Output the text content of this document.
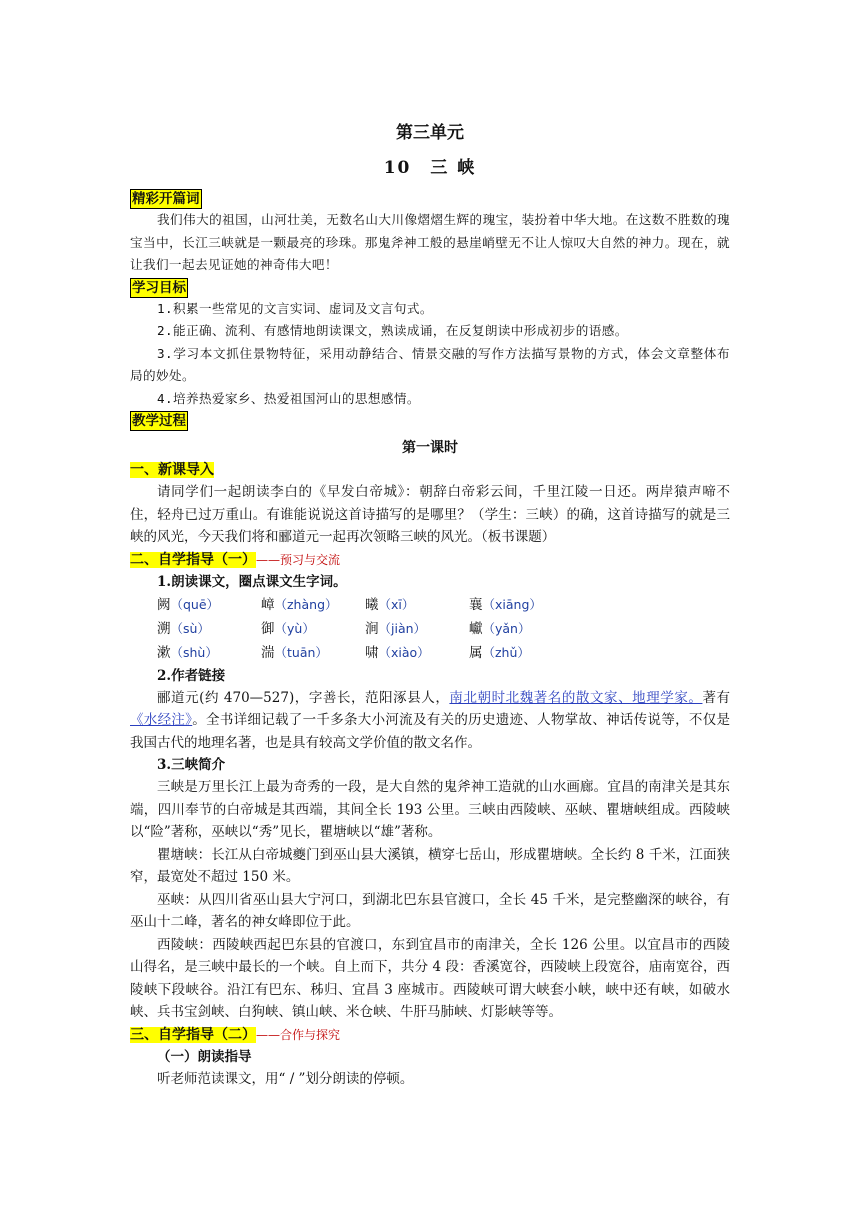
第三单元
10　三 峡
精彩开篇词

我们伟大的祖国，山河壮美，无数名山大川像熠熠生辉的瑰宝，装扮着中华大地。在这数不胜数的瑰宝当中，长江三峡就是一颗最亮的珍珠。那鬼斧神工般的悬崖峭壁无不让人惊叹大自然的神力。现在，就让我们一起去见证她的神奇伟大吧！

学习目标

1.积累一些常见的文言实词、虚词及文言句式。

2.能正确、流利、有感情地朗读课文，熟读成诵，在反复朗读中形成初步的语感。

3.学习本文抓住景物特征，采用动静结合、情景交融的写作方法描写景物的方式，体会文章整体布局的妙处。

4.培养热爱家乡、热爱祖国河山的思想感情。

教学过程
第一课时
一、新课导入

请同学们一起朗读李白的《早发白帝城》：朝辞白帝彩云间，千里江陵一日还。两岸猿声啼不住，轻舟已过万重山。有谁能说说这首诗描写的是哪里？（学生：三峡）的确，这首诗描写的就是三峡的风光，今天我们将和郦道元一起再次领略三峡的风光。（板书课题）

二、自学指导（一）——预习与交流
1.朗读课文，圈点课文生字词。
阙（quē）	嶂（zhàng）	曦（xī）	襄（xiāng）
溯（sù）	御（yù）	涧（jiàn）	巘（yǎn）
漱（shù）	湍（tuān）	啸（xiào）	属（zhǔ）
2.作者链接

郦道元(约 470—527)，字善长，范阳涿县人，南北朝时北魏著名的散文家、地理学家。著有《水经注》。全书详细记载了一千多条大小河流及有关的历史遗迹、人物掌故、神话传说等，不仅是我国古代的地理名著，也是具有较高文学价值的散文名作。

3.三峡简介

三峡是万里长江上最为奇秀的一段，是大自然的鬼斧神工造就的山水画廊。宜昌的南津关是其东端，四川奉节的白帝城是其西端，其间全长 193 公里。三峡由西陵峡、巫峡、瞿塘峡组成。西陵峡以“险”著称，巫峡以“秀”见长，瞿塘峡以“雄”著称。

瞿塘峡：长江从白帝城夔门到巫山县大溪镇，横穿七岳山，形成瞿塘峡。全长约 8 千米，江面狭窄，最宽处不超过 150 米。

巫峡：从四川省巫山县大宁河口，到湖北巴东县官渡口，全长 45 千米，是完整幽深的峡谷，有巫山十二峰，著名的神女峰即位于此。

西陵峡：西陵峡西起巴东县的官渡口，东到宜昌市的南津关，全长 126 公里。以宜昌市的西陵山得名，是三峡中最长的一个峡。自上而下，共分 4 段：香溪宽谷，西陵峡上段宽谷，庙南宽谷，西陵峡下段峡谷。沿江有巴东、秭归、宜昌 3 座城市。西陵峡可谓大峡套小峡，峡中还有峡，如破水峡、兵书宝剑峡、白狗峡、镇山峡、米仓峡、牛肝马肺峡、灯影峡等等。

三、自学指导（二）——合作与探究
（一）朗读指导

听老师范读课文，用“ / ”划分朗读的停顿。
